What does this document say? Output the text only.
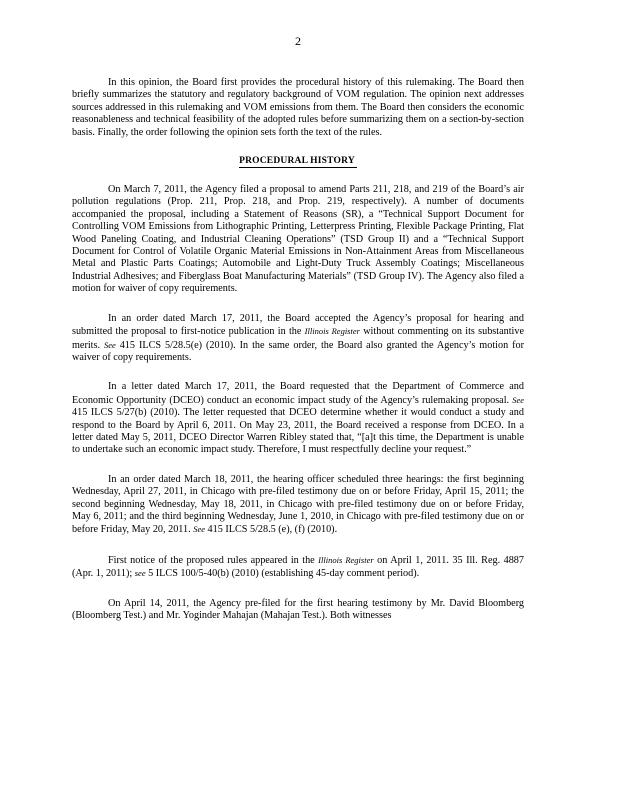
2

In this opinion, the Board first provides the procedural history of this rulemaking. The Board then briefly summarizes the statutory and regulatory background of VOM regulation. The opinion next addresses sources addressed in this rulemaking and VOM emissions from them. The Board then considers the economic reasonableness and technical feasibility of the adopted rules before summarizing them on a section-by-section basis. Finally, the order following the opinion sets forth the text of the rules.

PROCEDURAL HISTORY

On March 7, 2011, the Agency filed a proposal to amend Parts 211, 218, and 219 of the Board’s air pollution regulations (Prop. 211, Prop. 218, and Prop. 219, respectively). A number of documents accompanied the proposal, including a Statement of Reasons (SR), a “Technical Support Document for Controlling VOM Emissions from Lithographic Printing, Letterpress Printing, Flexible Package Printing, Flat Wood Paneling Coating, and Industrial Cleaning Operations” (TSD Group II) and a “Technical Support Document for Control of Volatile Organic Material Emissions in Non-Attainment Areas from Miscellaneous Metal and Plastic Parts Coatings; Automobile and Light-Duty Truck Assembly Coatings; Miscellaneous Industrial Adhesives; and Fiberglass Boat Manufacturing Materials” (TSD Group IV). The Agency also filed a motion for waiver of copy requirements.

In an order dated March 17, 2011, the Board accepted the Agency’s proposal for hearing and submitted the proposal to first-notice publication in the Illinois Register without commenting on its substantive merits. See 415 ILCS 5/28.5(e) (2010). In the same order, the Board also granted the Agency’s motion for waiver of copy requirements.

In a letter dated March 17, 2011, the Board requested that the Department of Commerce and Economic Opportunity (DCEO) conduct an economic impact study of the Agency’s rulemaking proposal. See 415 ILCS 5/27(b) (2010). The letter requested that DCEO determine whether it would conduct a study and respond to the Board by April 6, 2011. On May 23, 2011, the Board received a response from DCEO. In a letter dated May 5, 2011, DCEO Director Warren Ribley stated that, “[a]t this time, the Department is unable to undertake such an economic impact study. Therefore, I must respectfully decline your request.”

In an order dated March 18, 2011, the hearing officer scheduled three hearings: the first beginning Wednesday, April 27, 2011, in Chicago with pre-filed testimony due on or before Friday, April 15, 2011; the second beginning Wednesday, May 18, 2011, in Chicago with pre-filed testimony due on or before Friday, May 6, 2011; and the third beginning Wednesday, June 1, 2010, in Chicago with pre-filed testimony due on or before Friday, May 20, 2011. See 415 ILCS 5/28.5 (e), (f) (2010).

First notice of the proposed rules appeared in the Illinois Register on April 1, 2011. 35 Ill. Reg. 4887 (Apr. 1, 2011); see 5 ILCS 100/5-40(b) (2010) (establishing 45-day comment period).

On April 14, 2011, the Agency pre-filed for the first hearing testimony by Mr. David Bloomberg (Bloomberg Test.) and Mr. Yoginder Mahajan (Mahajan Test.). Both witnesses
